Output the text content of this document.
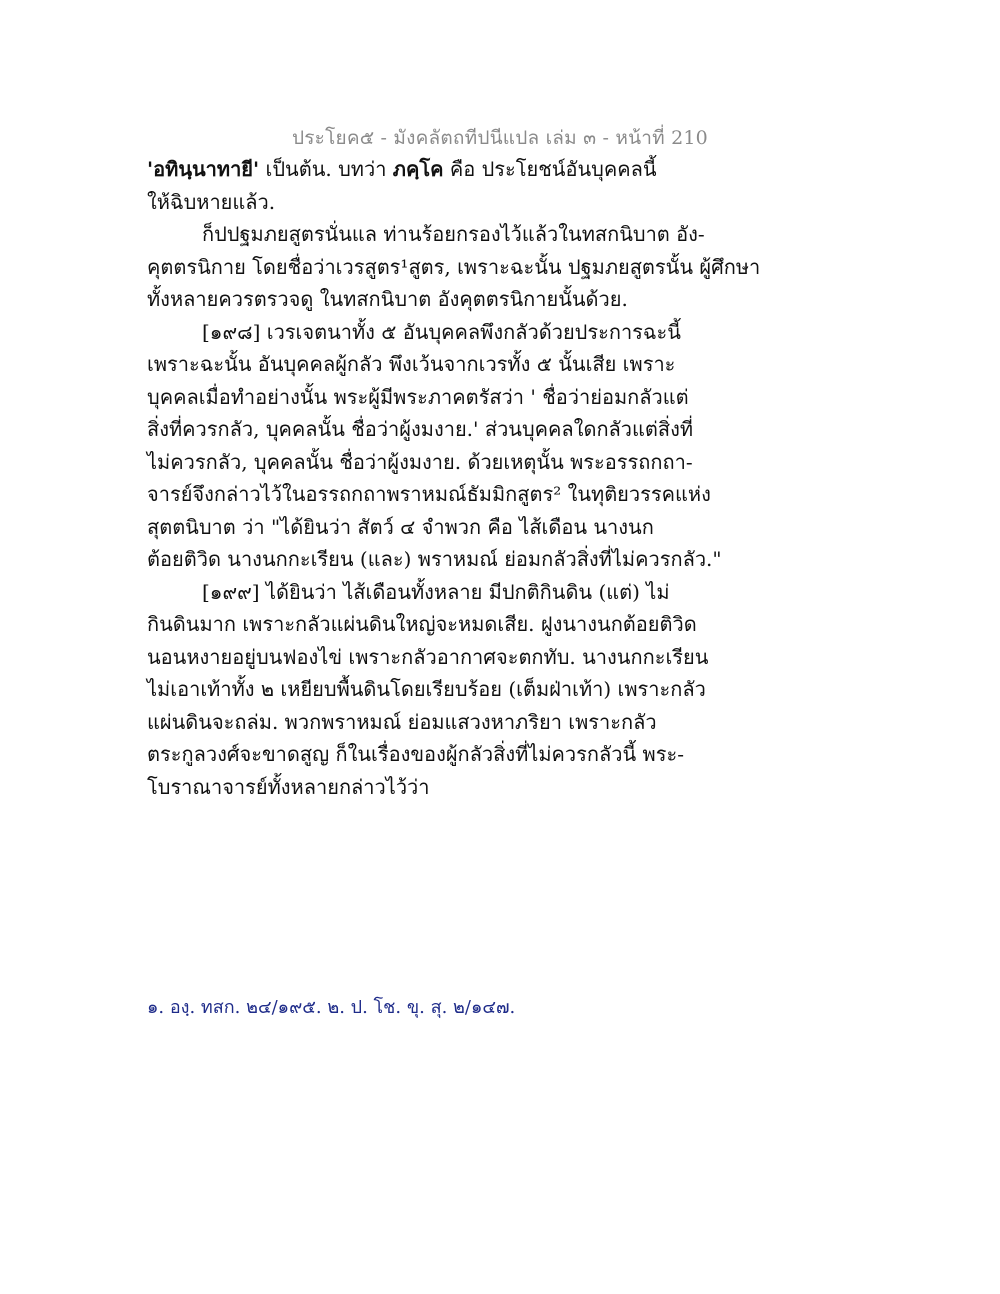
ประโยค๕ - มังคลัตถทีปนีแปล เล่ม ๓ - หน้าที่ 210
'อทินฺนาทายี' เป็นต้น. บทว่า ภคฺโค คือ ประโยชน์อันบุคคลนี้
ให้ฉิบหายแล้ว.
ก็ปปฐมภยสูตรนั่นแล ท่านร้อยกรองไว้แล้วในทสกนิบาต อัง-
คุตตรนิกาย โดยชื่อว่าเวรสูตร¹สูตร, เพราะฉะนั้น ปฐมภยสูตรนั้น ผู้ศึกษา
ทั้งหลายควรตรวจดู ในทสกนิบาต อังคุตตรนิกายนั้นด้วย.
[๑๙๘] เวรเจตนาทั้ง ๕ อันบุคคลพึงกลัวด้วยประการฉะนี้
เพราะฉะนั้น อันบุคคลผู้กลัว พึงเว้นจากเวรทั้ง ๕ นั้นเสีย เพราะ
บุคคลเมื่อทำอย่างนั้น พระผู้มีพระภาคตรัสว่า ' ชื่อว่าย่อมกลัวแต่
สิ่งที่ควรกลัว, บุคคลนั้น ชื่อว่าผู้งมงาย.' ส่วนบุคคลใดกลัวแต่สิ่งที่
ไม่ควรกลัว, บุคคลนั้น ชื่อว่าผู้งมงาย. ด้วยเหตุนั้น พระอรรถกถา-
จารย์จึงกล่าวไว้ในอรรถกถาพราหมณ์ธัมมิกสูตร² ในทุติยวรรคแห่ง
สุตตนิบาต ว่า "ได้ยินว่า สัตว์ ๔ จำพวก คือ ไส้เดือน นางนก
ต้อยติวิด นางนกกะเรียน (และ) พราหมณ์ ย่อมกลัวสิ่งที่ไม่ควรกลัว."
[๑๙๙] ได้ยินว่า ไส้เดือนทั้งหลาย มีปกติกินดิน (แต่) ไม่
กินดินมาก เพราะกลัวแผ่นดินใหญ่จะหมดเสีย. ฝูงนางนกต้อยติวิด
นอนหงายอยู่บนฟองไข่ เพราะกลัวอากาศจะตกทับ. นางนกกะเรียน
ไม่เอาเท้าทั้ง ๒ เหยียบพื้นดินโดยเรียบร้อย (เต็มฝ่าเท้า) เพราะกลัว
แผ่นดินจะถล่ม. พวกพราหมณ์ ย่อมแสวงหาภริยา เพราะกลัว
ตระกูลวงศ์จะขาดสูญ ก็ในเรื่องของผู้กลัวสิ่งที่ไม่ควรกลัวนี้ พระ-
โบราณาจารย์ทั้งหลายกล่าวไว้ว่า
๑. องฺ. ทสก. ๒๔/๑๙๕. ๒. ป. โช. ขุ. สุ. ๒/๑๔๗.
